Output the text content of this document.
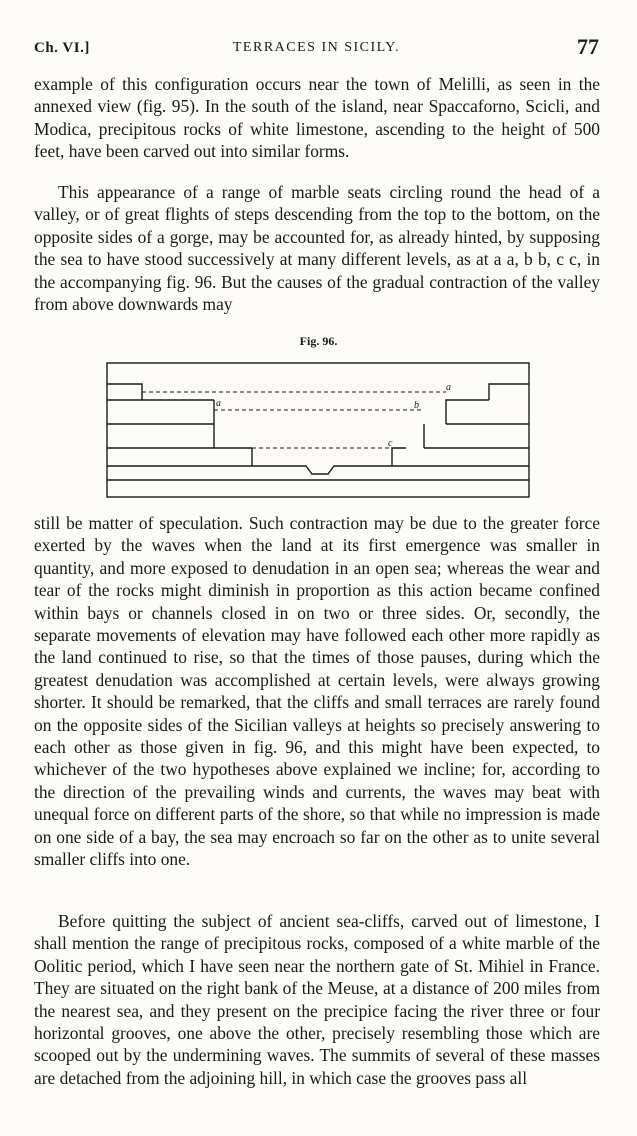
Ch. VI.]	TERRACES IN SICILY.	77
example of this configuration occurs near the town of Melilli, as seen in the annexed view (fig. 95). In the south of the island, near Spaccaforno, Scicli, and Modica, precipitous rocks of white limestone, ascending to the height of 500 feet, have been carved out into similar forms.
This appearance of a range of marble seats circling round the head of a valley, or of great flights of steps descending from the top to the bottom, on the opposite sides of a gorge, may be accounted for, as already hinted, by supposing the sea to have stood successively at many different levels, as at a a, b b, c c, in the accompanying fig. 96. But the causes of the gradual contraction of the valley from above downwards may
Fig. 96.
a
a
b
c
still be matter of speculation. Such contraction may be due to the greater force exerted by the waves when the land at its first emergence was smaller in quantity, and more exposed to denudation in an open sea; whereas the wear and tear of the rocks might diminish in proportion as this action became confined within bays or channels closed in on two or three sides. Or, secondly, the separate movements of elevation may have followed each other more rapidly as the land continued to rise, so that the times of those pauses, during which the greatest denudation was accomplished at certain levels, were always growing shorter. It should be remarked, that the cliffs and small terraces are rarely found on the opposite sides of the Sicilian valleys at heights so precisely answering to each other as those given in fig. 96, and this might have been expected, to whichever of the two hypotheses above explained we incline; for, according to the direction of the prevailing winds and currents, the waves may beat with unequal force on different parts of the shore, so that while no impression is made on one side of a bay, the sea may encroach so far on the other as to unite several smaller cliffs into one.
Before quitting the subject of ancient sea-cliffs, carved out of limestone, I shall mention the range of precipitous rocks, composed of a white marble of the Oolitic period, which I have seen near the northern gate of St. Mihiel in France. They are situated on the right bank of the Meuse, at a distance of 200 miles from the nearest sea, and they present on the precipice facing the river three or four horizontal grooves, one above the other, precisely resembling those which are scooped out by the undermining waves. The summits of several of these masses are detached from the adjoining hill, in which case the grooves pass all
